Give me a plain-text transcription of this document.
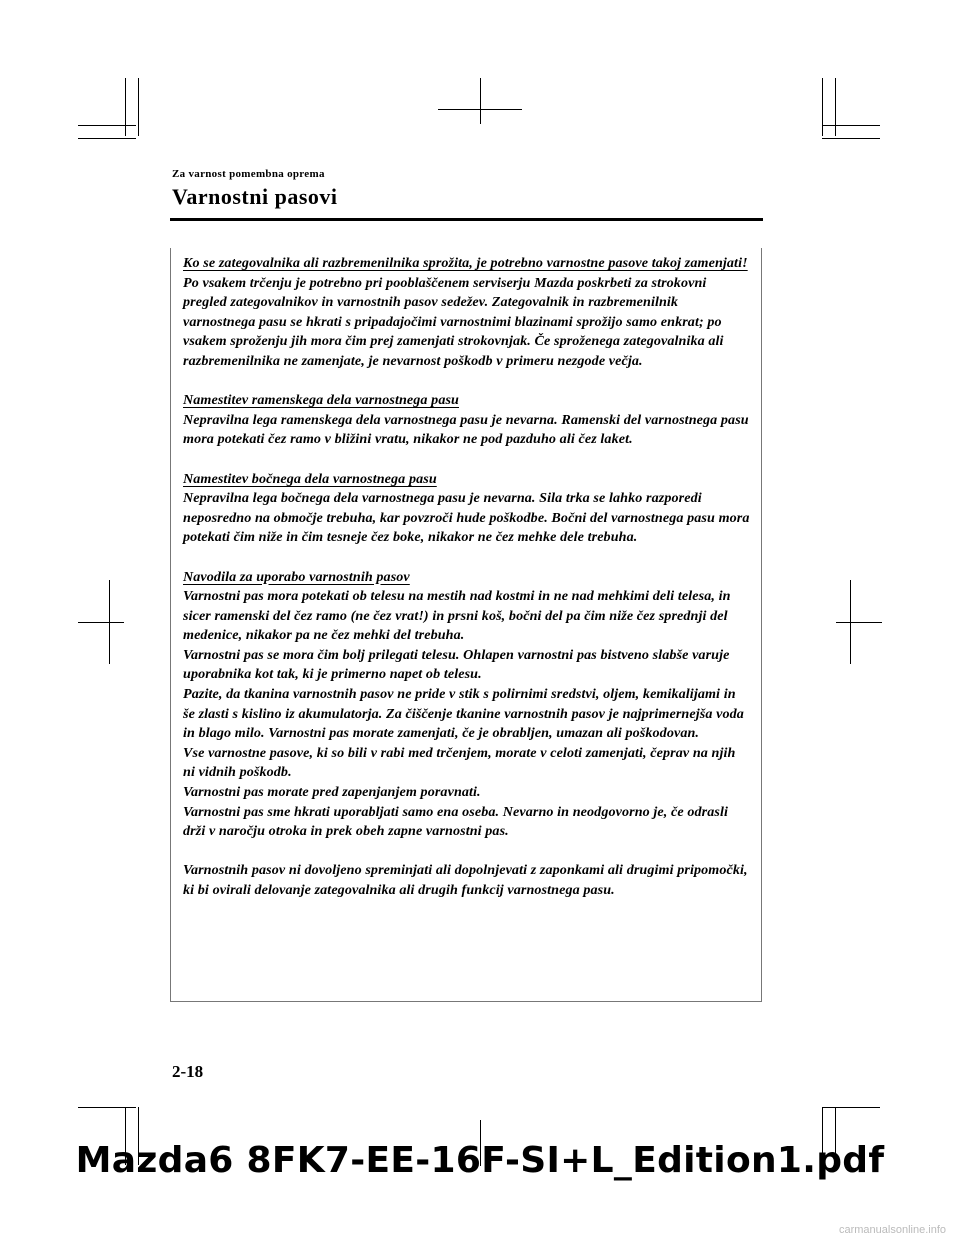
Za varnost pomembna oprema
Varnostni pasovi

Ko se zategovalnika ali razbremenilnika sprožita, je potrebno varnostne pasove takoj zamenjati!

Po vsakem trčenju je potrebno pri pooblaščenem serviserju Mazda poskrbeti za strokovni pregled zategovalnikov in varnostnih pasov sedežev. Zategovalnik in razbremenilnik varnostnega pasu se hkrati s pripadajočimi varnostnimi blazinami sprožijo samo enkrat; po vsakem sproženju jih mora čim prej zamenjati strokovnjak. Če sproženega zategovalnika ali razbremenilnika ne zamenjate, je nevarnost poškodb v primeru nezgode večja.

Namestitev ramenskega dela varnostnega pasu

Nepravilna lega ramenskega dela varnostnega pasu je nevarna. Ramenski del varnostnega pasu mora potekati čez ramo v bližini vratu, nikakor ne pod pazduho ali čez laket.

Namestitev bočnega dela varnostnega pasu

Nepravilna lega bočnega dela varnostnega pasu je nevarna. Sila trka se lahko razporedi neposredno na območje trebuha, kar povzroči hude poškodbe. Bočni del varnostnega pasu mora potekati čim niže in čim tesneje čez boke, nikakor ne čez mehke dele trebuha.

Navodila za uporabo varnostnih pasov

Varnostni pas mora potekati ob telesu na mestih nad kostmi in ne nad mehkimi deli telesa, in sicer ramenski del čez ramo (ne čez vrat!) in prsni koš, bočni del pa čim niže čez sprednji del medenice, nikakor pa ne čez mehki del trebuha.

Varnostni pas se mora čim bolj prilegati telesu. Ohlapen varnostni pas bistveno slabše varuje uporabnika kot tak, ki je primerno napet ob telesu.

Pazite, da tkanina varnostnih pasov ne pride v stik s polirnimi sredstvi, oljem, kemikalijami in še zlasti s kislino iz akumulatorja. Za čiščenje tkanine varnostnih pasov je najprimernejša voda in blago milo. Varnostni pas morate zamenjati, če je obrabljen, umazan ali poškodovan.

Vse varnostne pasove, ki so bili v rabi med trčenjem, morate v celoti zamenjati, čeprav na njih ni vidnih poškodb.

Varnostni pas morate pred zapenjanjem poravnati.

Varnostni pas sme hkrati uporabljati samo ena oseba. Nevarno in neodgovorno je, če odrasli drži v naročju otroka in prek obeh zapne varnostni pas.

Varnostnih pasov ni dovoljeno spreminjati ali dopolnjevati z zaponkami ali drugimi pripomočki, ki bi ovirali delovanje zategovalnika ali drugih funkcij varnostnega pasu.

2-18
Mazda6 8FK7-EE-16F-SI+L_Edition1.pdf
carmanualsonline.info
